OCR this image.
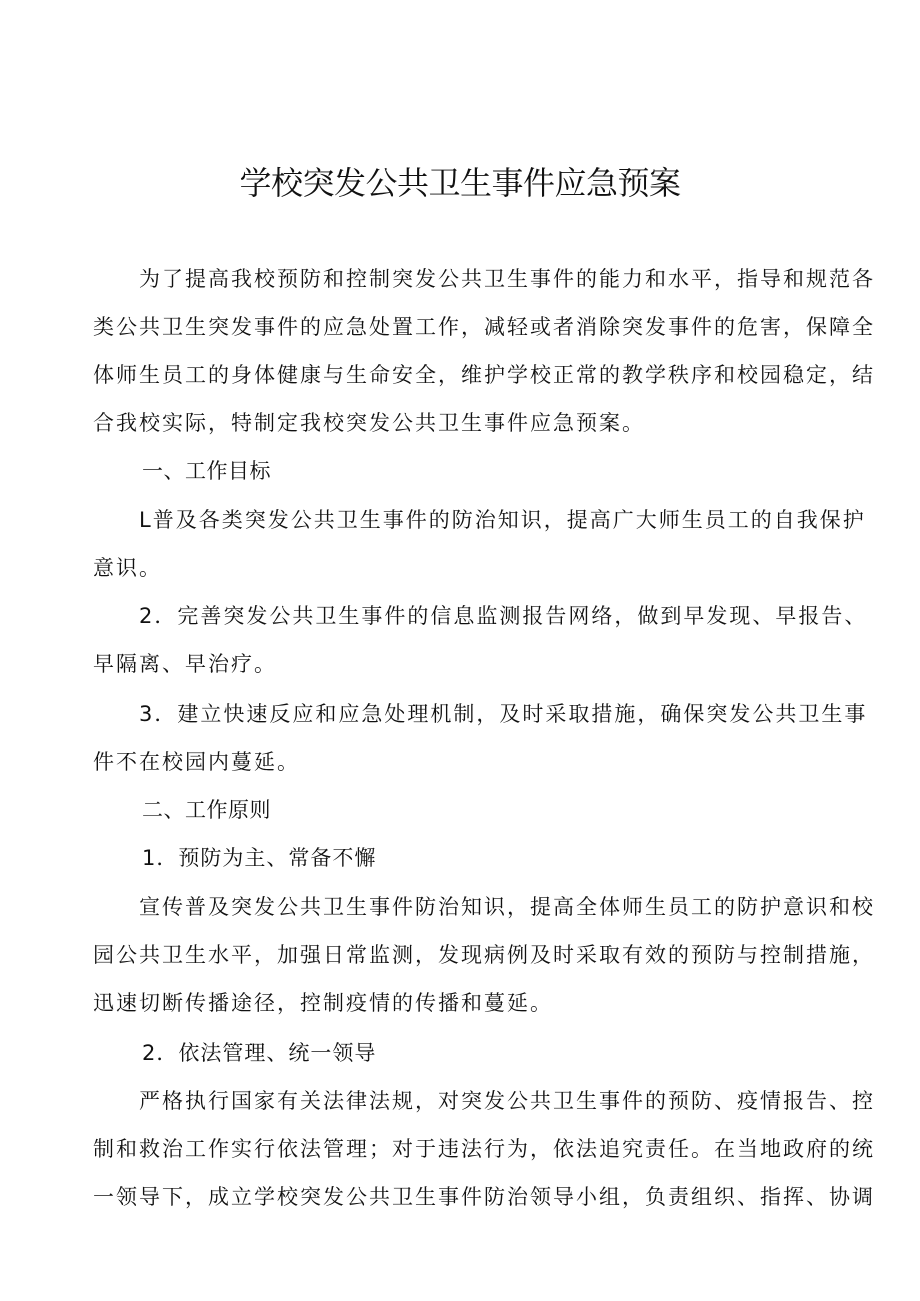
学校突发公共卫生事件应急预案
　　为了提高我校预防和控制突发公共卫生事件的能力和水平，指导和规范各
类公共卫生突发事件的应急处置工作，减轻或者消除突发事件的危害，保障全
体师生员工的身体健康与生命安全，维护学校正常的教学秩序和校园稳定，结
合我校实际，特制定我校突发公共卫生事件应急预案。
一、工作目标
　　L普及各类突发公共卫生事件的防治知识，提高广大师生员工的自我保护
意识。
　　2．完善突发公共卫生事件的信息监测报告网络，做到早发现、早报告、
早隔离、早治疗。
　　3．建立快速反应和应急处理机制，及时采取措施，确保突发公共卫生事
件不在校园内蔓延。
二、工作原则

1．预防为主、常备不懈

　　宣传普及突发公共卫生事件防治知识，提高全体师生员工的防护意识和校
园公共卫生水平，加强日常监测，发现病例及时采取有效的预防与控制措施，
迅速切断传播途径，控制疫情的传播和蔓延。

2．依法管理、统一领导

　　严格执行国家有关法律法规，对突发公共卫生事件的预防、疫情报告、控
制和救治工作实行依法管理；对于违法行为，依法追究责任。在当地政府的统
一领导下，成立学校突发公共卫生事件防治领导小组，负责组织、指挥、协调
